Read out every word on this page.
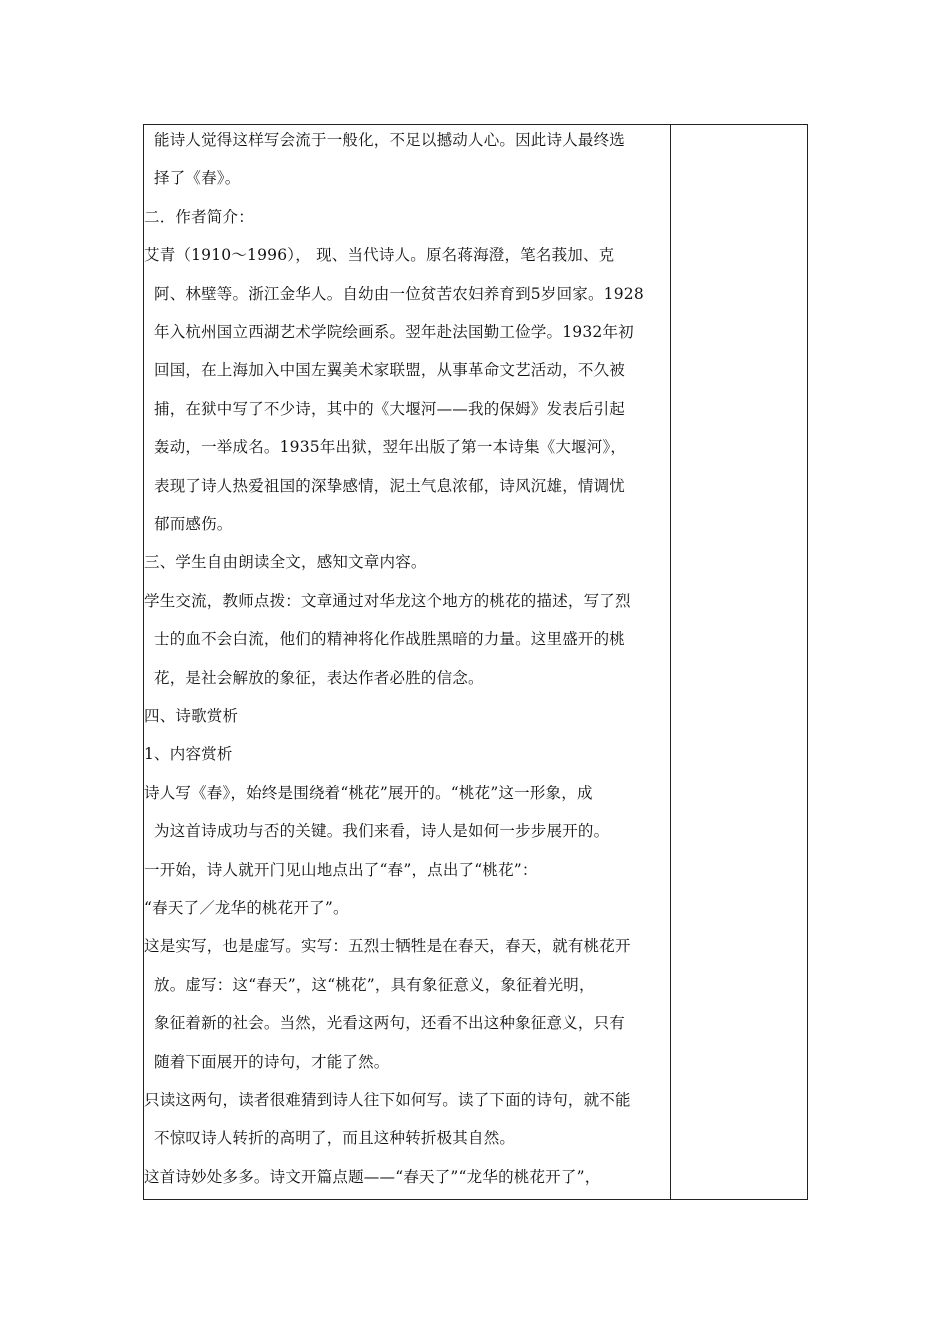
能诗人觉得这样写会流于一般化，不足以撼动人心。因此诗人最终选
择了《春》。
二．作者简介：
艾青（1910～1996）， 现、当代诗人。原名蒋海澄，笔名莪加、克
阿、林壁等。浙江金华人。自幼由一位贫苦农妇养育到5岁回家。1928
年入杭州国立西湖艺术学院绘画系。翌年赴法国勤工俭学。1932年初
回国，在上海加入中国左翼美术家联盟，从事革命文艺活动，不久被
捕，在狱中写了不少诗，其中的《大堰河——我的保姆》发表后引起
轰动，一举成名。1935年出狱，翌年出版了第一本诗集《大堰河》，
表现了诗人热爱祖国的深挚感情，泥土气息浓郁，诗风沉雄，情调忧
郁而感伤。
三、学生自由朗读全文，感知文章内容。
学生交流，教师点拨：文章通过对华龙这个地方的桃花的描述，写了烈
士的血不会白流，他们的精神将化作战胜黑暗的力量。这里盛开的桃
花，是社会解放的象征，表达作者必胜的信念。
四、诗歌赏析
1、内容赏析
诗人写《春》，始终是围绕着“桃花”展开的。“桃花”这一形象，成
为这首诗成功与否的关键。我们来看，诗人是如何一步步展开的。
一开始，诗人就开门见山地点出了“春”，点出了“桃花”：
“春天了／龙华的桃花开了”。
这是实写，也是虚写。实写：五烈士牺牲是在春天，春天，就有桃花开
放。虚写：这“春天”，这“桃花”，具有象征意义，象征着光明，
象征着新的社会。当然，光看这两句，还看不出这种象征意义，只有
随着下面展开的诗句，才能了然。
只读这两句，读者很难猜到诗人往下如何写。读了下面的诗句，就不能
不惊叹诗人转折的高明了，而且这种转折极其自然。
这首诗妙处多多。诗文开篇点题——“春天了”“龙华的桃花开了”，
